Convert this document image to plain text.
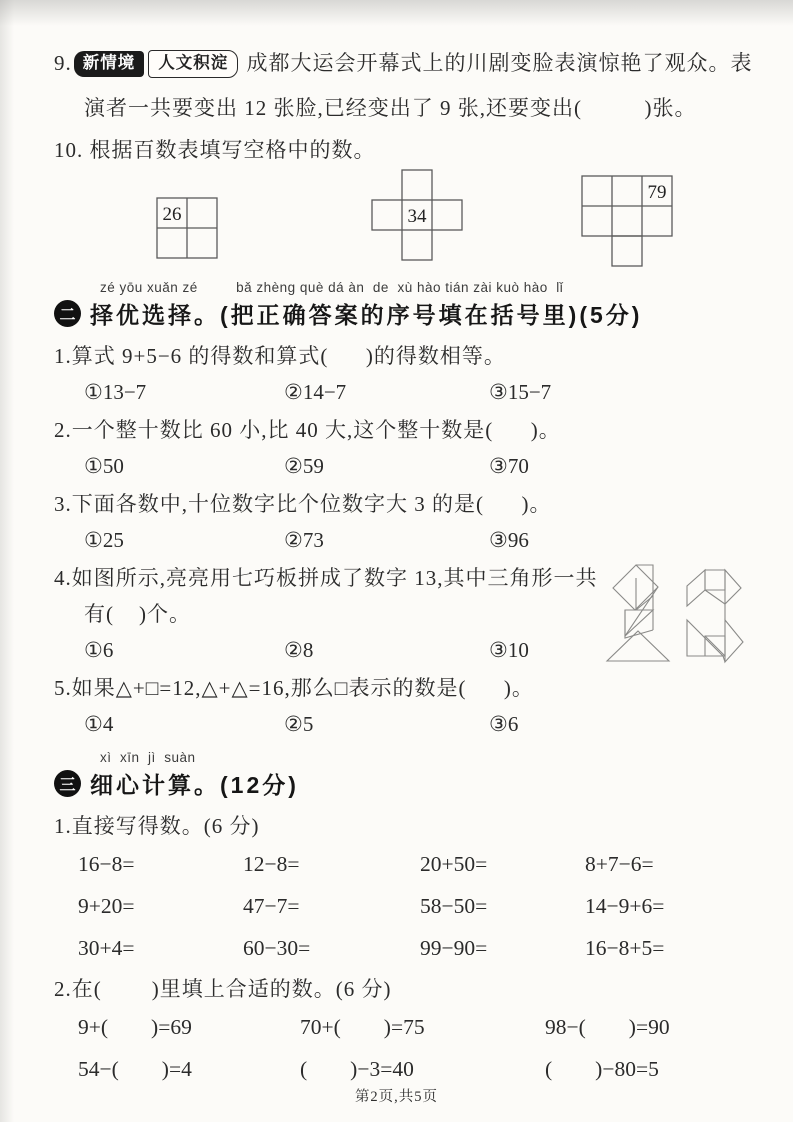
9. 新情境 人文积淀 成都大运会开幕式上的川剧变脸表演惊艳了观众。表
演者一共要变出 12 张脸,已经变出了 9 张,还要变出(          )张。
10. 根据百数表填写空格中的数。
26	34
79
zé yōu xuǎn zé         bǎ zhèng què dá àn  de  xù hào tián zài kuò hào  lǐ
二 择优选择。(把正确答案的序号填在括号里)(5分)
1.算式 9+5−6 的得数和算式(      )的得数相等。
①13−7	②14−7	③15−7
2.一个整十数比 60 小,比 40 大,这个整十数是(      )。
①50	②59	③70
3.下面各数中,十位数字比个位数字大 3 的是(      )。
①25	②73	③96
4.如图所示,亮亮用七巧板拼成了数字 13,其中三角形一共
有(    )个。
①6	②8	③10
5.如果△+□=12,△+△=16,那么□表示的数是(      )。
①4	②5	③6
xì  xīn  jì  suàn
三 细心计算。(12分)
1.直接写得数。(6 分)
16−8=	12−8=	20+50=	8+7−6=
9+20=	47−7=	58−50=	14−9+6=
30+4=	60−30=	99−90=	16−8+5=
2.在(        )里填上合适的数。(6 分)
9+(        )=69	70+(        )=75	98−(        )=90
54−(        )=4	(        )−3=40	(        )−80=5
第2页,共5页
